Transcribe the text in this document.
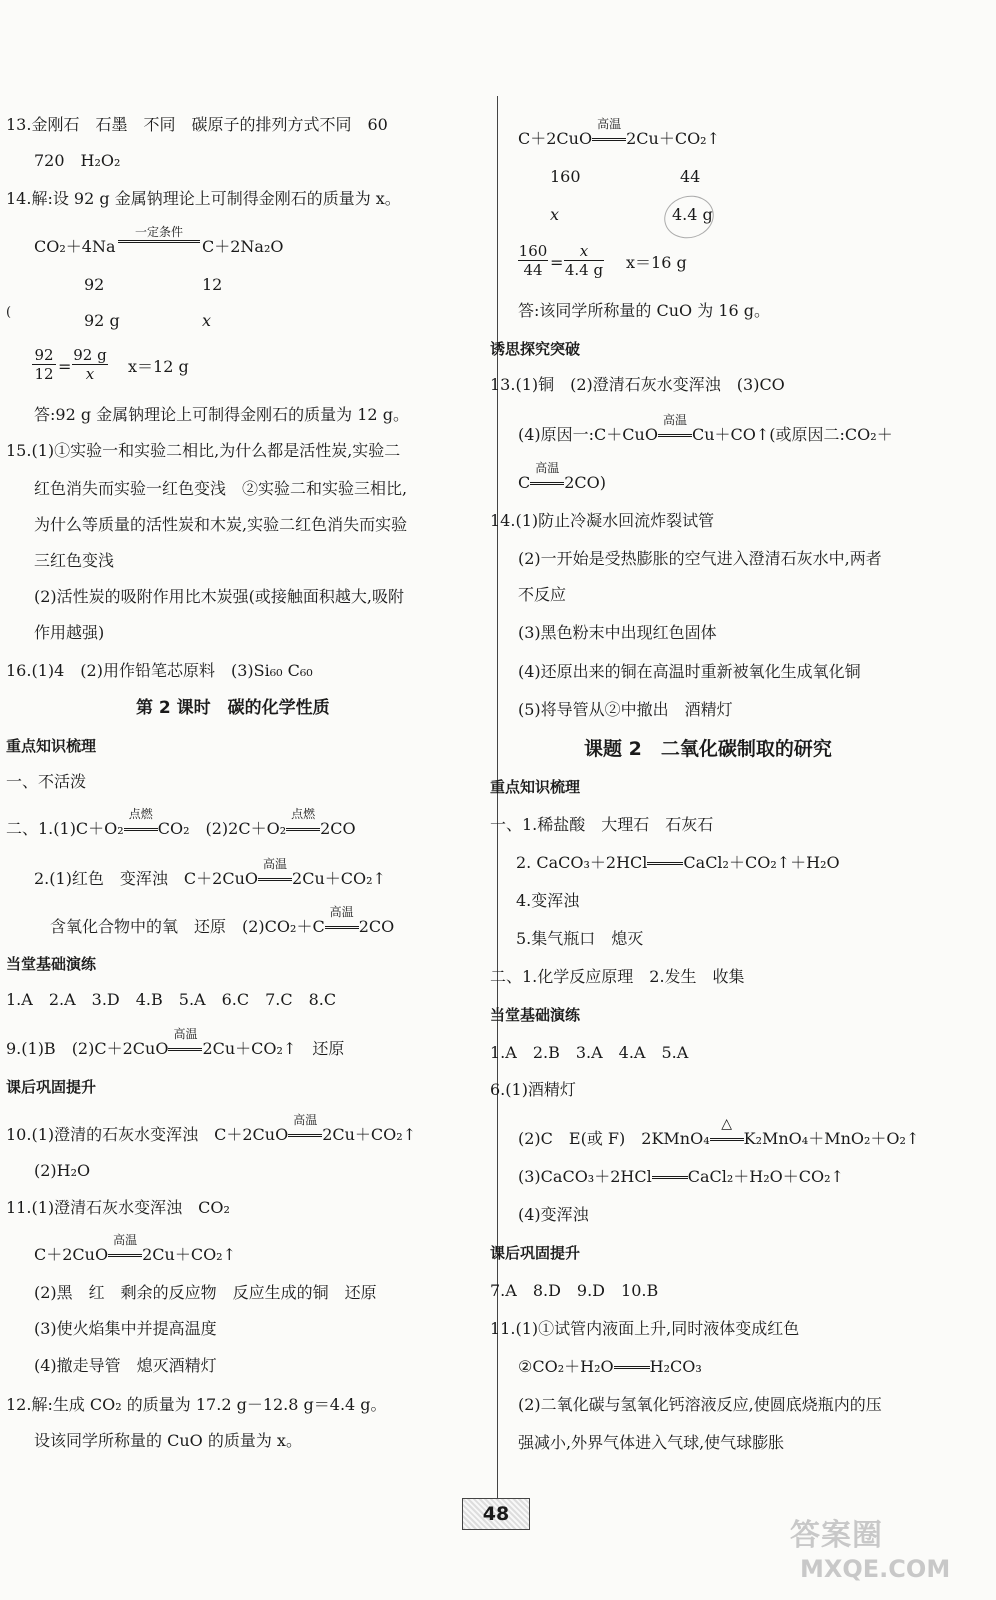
13.金刚石　石墨　不同　碳原子的排列方式不同　60
720　H₂O₂
14.解:设 92 g 金属钠理论上可制得金刚石的质量为 x。
CO₂＋4Na
一定条件
C＋2Na₂O
92	12
(	92 g	x
$\frac{92}{12} = \frac{92 g}{x} x=12$ g
答:92 g 金属钠理论上可制得金刚石的质量为 12 g。
15.(1)①实验一和实验二相比,为什么都是活性炭,实验二
红色消失而实验一红色变浅　②实验二和实验三相比,
为什么等质量的活性炭和木炭,实验二红色消失而实验
三红色变浅
(2)活性炭的吸附作用比木炭强(或接触面积越大,吸附
作用越强)
16.(1)4　(2)用作铅笔芯原料　(3)Si₆₀ C₆₀
第 2 课时　碳的化学性质
重点知识梳理
一、不活泼
二、1.(1)C＋O₂
点燃
CO₂　(2)2C＋O₂
点燃
2CO
2.(1)红色　变浑浊　C＋2CuO
高温
2Cu＋CO₂↑
含氧化合物中的氧　还原　(2)CO₂＋C
高温
2CO
当堂基础演练
1.A　2.A　3.D　4.B　5.A　6.C　7.C　8.C
9.(1)B　(2)C＋2CuO
高温
2Cu＋CO₂↑　还原
课后巩固提升
10.(1)澄清的石灰水变浑浊　C＋2CuO
高温
2Cu＋CO₂↑
(2)H₂O
11.(1)澄清石灰水变浑浊　CO₂
C＋2CuO
高温
2Cu＋CO₂↑
(2)黑　红　剩余的反应物　反应生成的铜　还原
(3)使火焰集中并提高温度
(4)撤走导管　熄灭酒精灯
12.解:生成 CO₂ 的质量为 17.2 g－12.8 g＝4.4 g。
设该同学所称量的 CuO 的质量为 x。
C＋2CuO
高温
2Cu＋CO₂↑
160	44
x	4.4 g
$\frac{160}{44} = \frac{x}{4.4 g} x=16$ g
答:该同学所称量的 CuO 为 16 g。
诱思探究突破
13.(1)铜　(2)澄清石灰水变浑浊　(3)CO
(4)原因一:C＋CuO
高温
Cu＋CO↑(或原因二:CO₂＋
C
高温
2CO)
14.(1)防止冷凝水回流炸裂试管
(2)一开始是受热膨胀的空气进入澄清石灰水中,两者
不反应
(3)黑色粉末中出现红色固体
(4)还原出来的铜在高温时重新被氧化生成氧化铜
(5)将导管从②中撤出　酒精灯
课题 2　二氧化碳制取的研究
重点知识梳理
一、1.稀盐酸　大理石　石灰石
2. CaCO₃＋2HCl CaCl₂＋CO₂↑＋H₂O
4.变浑浊
5.集气瓶口　熄灭
二、1.化学反应原理　2.发生　收集
当堂基础演练
1.A　2.B　3.A　4.A　5.A
6.(1)酒精灯
(2)C　E(或 F)　2KMnO₄
△
K₂MnO₄＋MnO₂＋O₂↑
(3)CaCO₃＋2HCl CaCl₂＋H₂O＋CO₂↑
(4)变浑浊
课后巩固提升
7.A　8.D　9.D　10.B
11.(1)①试管内液面上升,同时液体变成红色
②CO₂＋H₂O H₂CO₃
(2)二氧化碳与氢氧化钙溶液反应,使圆底烧瓶内的压
强减小,外界气体进入气球,使气球膨胀
48
答案圈
MXQE.COM
